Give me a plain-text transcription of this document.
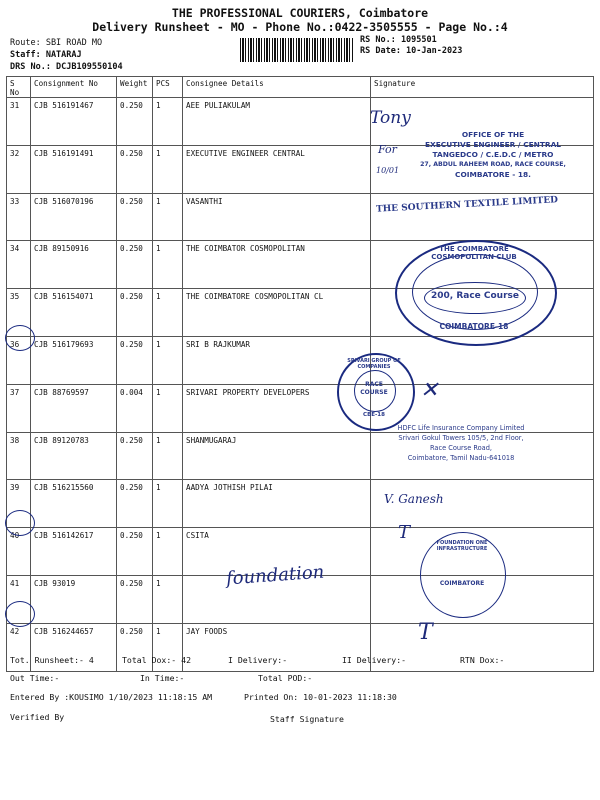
THE PROFESSIONAL COURIERS, Coimbatore
Delivery Runsheet - MO - Phone No.:0422-3505555 - Page No.:4
Route: SBI ROAD MO
Staff: NATARAJ
DRS No.: DCJB109550104
RS No.: 1095501
RS Date: 10-Jan-2023
S No	Consignment No	Weight	PCS	Consignee Details	Signature
31	CJB 516191467	0.250	1	AEE PULIAKULAM	
32	CJB 516191491	0.250	1	EXECUTIVE ENGINEER CENTRAL	
33	CJB 516070196	0.250	1	VASANTHI	
34	CJB 89150916	0.250	1	THE COIMBATOR COSMOPOLITAN	
35	CJB 516154071	0.250	1	THE COIMBATORE COSMOPOLITAN CL	
36	CJB 516179693	0.250	1	SRI B RAJKUMAR	
37	CJB 88769597	0.004	1	SRIVARI PROPERTY DEVELOPERS	
38	CJB 89120783	0.250	1	SHANMUGARAJ	
39	CJB 516215560	0.250	1	AADYA JOTHISH PILAI	
40	CJB 516142617	0.250	1	CSITA	
41	CJB 93019	0.250	1		
42	CJB 516244657	0.250	1	JAY FOODS	
Tony
For
10/01
OFFICE OF THE
EXECUTIVE ENGINEER / CENTRAL
TANGEDCO / C.E.D.C / METRO
27, ABDUL RAHEEM ROAD, RACE COURSE,
COIMBATORE - 18.
THE SOUTHERN TEXTILE LIMITED
THE COIMBATORE COSMOPOLITAN CLUB
200, Race Course
COIMBATORE-18
SRIVARI GROUP OF COMPANIES
RACE COURSE
CBE-18
✕
HDFC Life Insurance Company Limited
Srivari Gokul Towers 105/5, 2nd Floor,
Race Course Road,
Coimbatore, Tamil Nadu-641018
V. Ganesh
T	FOUNDATION ONE INFRASTRUCTURE
COIMBATORE
foundation
T
Tot. Runsheet:- 4	Total Dox:- 42	I Delivery:-	II Delivery:-	RTN Dox:-
Out Time:-	In Time:-	Total POD:-
Entered By :KOUSIMO 1/10/2023 11:18:15 AM	Printed On: 10-01-2023 11:18:30
Verified By	Staff Signature
